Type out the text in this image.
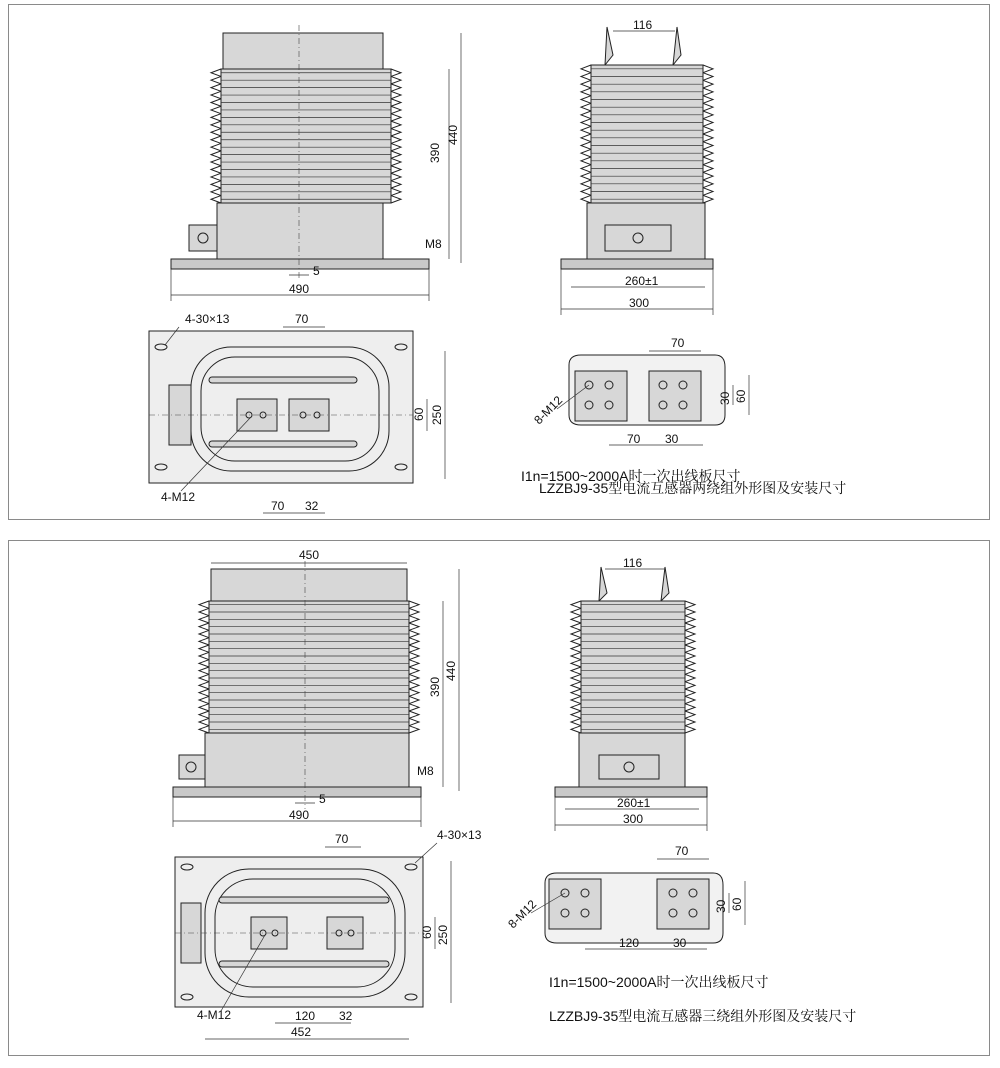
390
440
M8
5
490
116
260±1
300
4-30×13	70
60 250
4-M12
70 32
70
8-M12	30 60
70 30
I1n=1500~2000A时一次出线板尺寸
LZZBJ9-35型电流互感器两绕组外形图及安装尺寸
450
390
440
M8
5
490
116
260±1
300
70	4-30×13
60 250
4-M12	120 32
452
70
8-M12	30 60
120	30
I1n=1500~2000A时一次出线板尺寸
LZZBJ9-35型电流互感器三绕组外形图及安装尺寸
